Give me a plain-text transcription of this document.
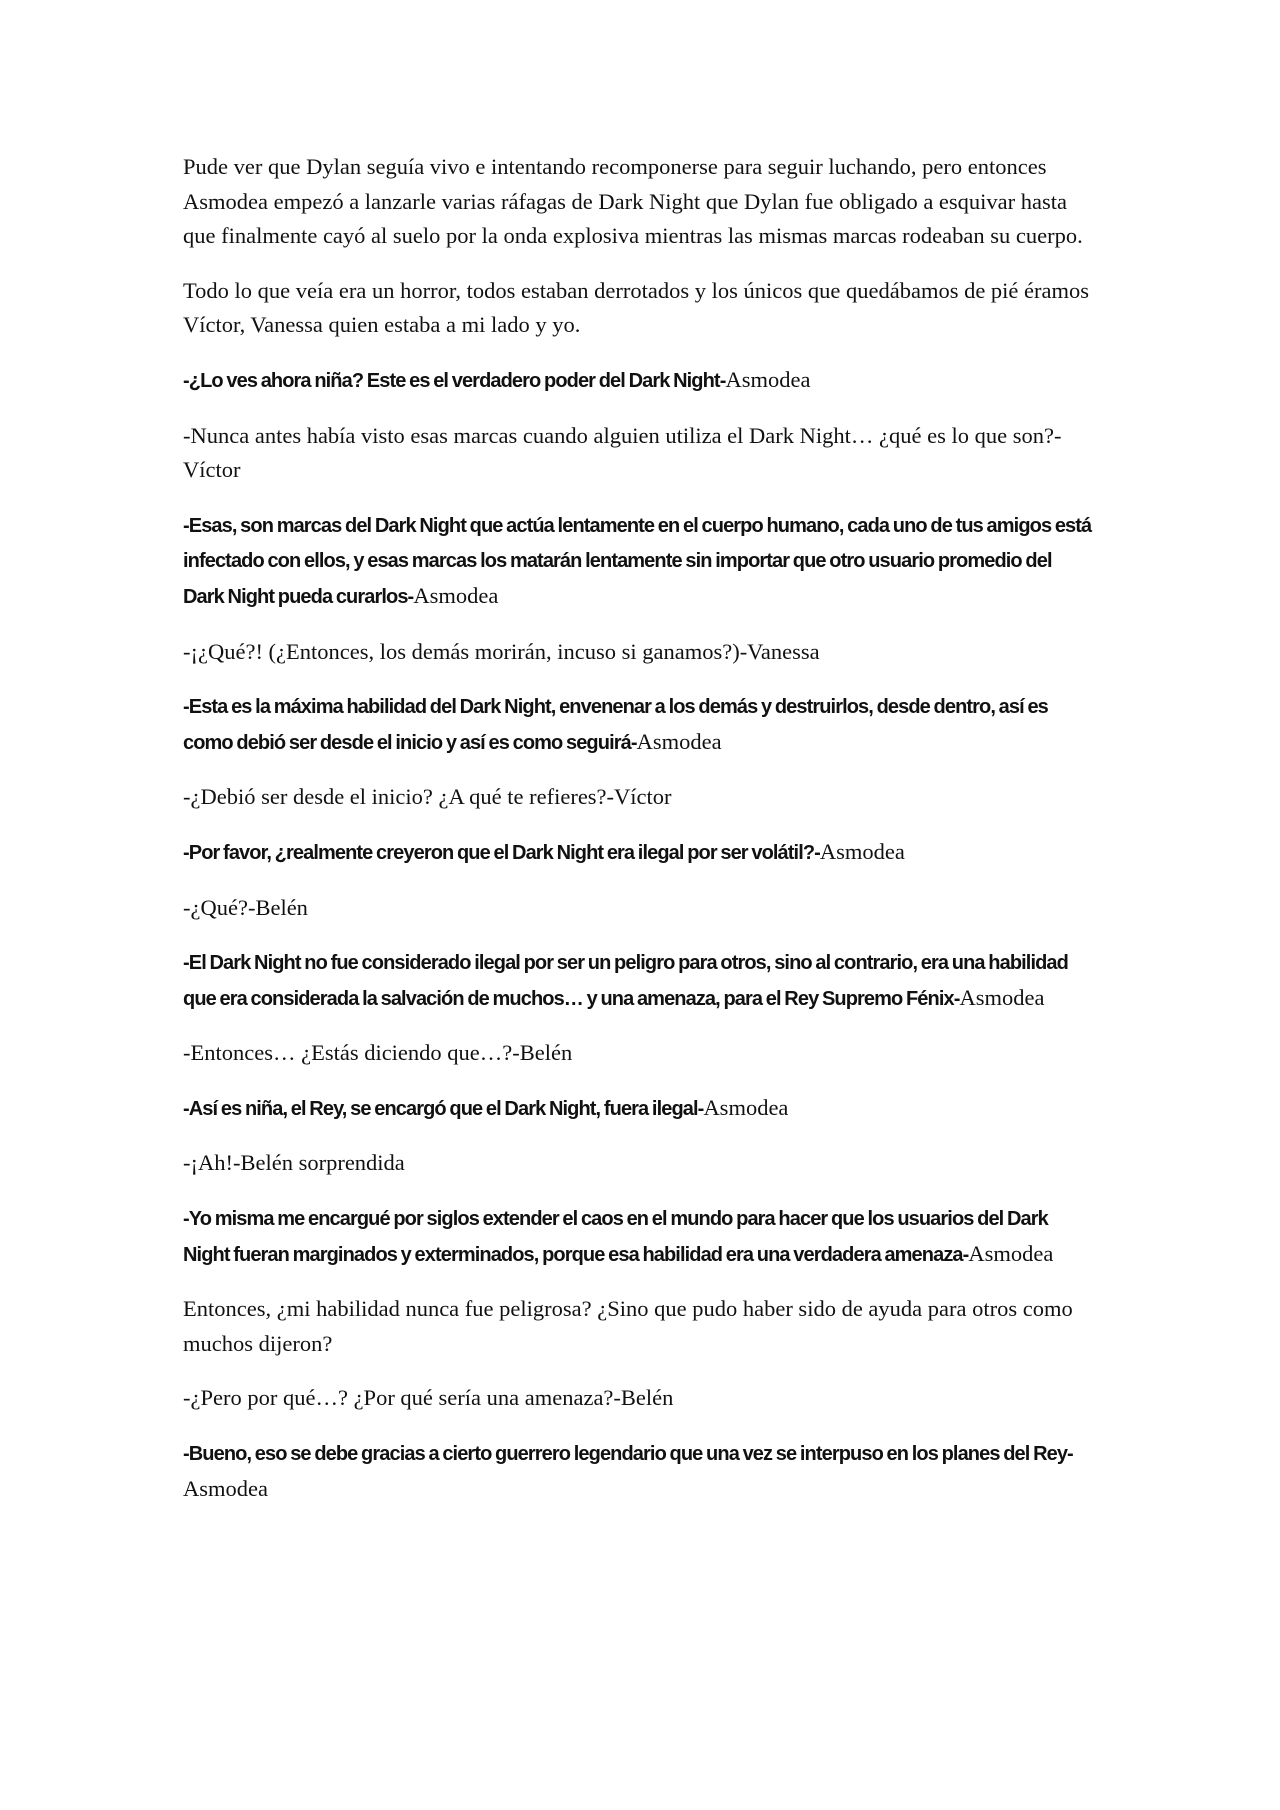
Pude ver que Dylan seguía vivo e intentando recomponerse para seguir luchando, pero entonces Asmodea empezó a lanzarle varias ráfagas de Dark Night que Dylan fue obligado a esquivar hasta que finalmente cayó al suelo por la onda explosiva mientras las mismas marcas rodeaban su cuerpo.

Todo lo que veía era un horror, todos estaban derrotados y los únicos que quedábamos de pié éramos Víctor, Vanessa quien estaba a mi lado y yo.

-¿Lo ves ahora niña? Este es el verdadero poder del Dark Night-Asmodea

-Nunca antes había visto esas marcas cuando alguien utiliza el Dark Night… ¿qué es lo que son?-Víctor

-Esas, son marcas del Dark Night que actúa lentamente en el cuerpo humano, cada uno de tus amigos está infectado con ellos, y esas marcas los matarán lentamente sin importar que otro usuario promedio del Dark Night pueda curarlos-Asmodea

-¡¿Qué?! (¿Entonces, los demás morirán, incuso si ganamos?)-Vanessa

-Esta es la máxima habilidad del Dark Night, envenenar a los demás y destruirlos, desde dentro, así es como debió ser desde el inicio y así es como seguirá-Asmodea

-¿Debió ser desde el inicio? ¿A qué te refieres?-Víctor

-Por favor, ¿realmente creyeron que el Dark Night era ilegal por ser volátil?-Asmodea

-¿Qué?-Belén

-El Dark Night no fue considerado ilegal por ser un peligro para otros, sino al contrario, era una habilidad que era considerada la salvación de muchos… y una amenaza, para el Rey Supremo Fénix-Asmodea

-Entonces… ¿Estás diciendo que…?-Belén

-Así es niña, el Rey, se encargó que el Dark Night, fuera ilegal-Asmodea

-¡Ah!-Belén sorprendida

-Yo misma me encargué por siglos extender el caos en el mundo para hacer que los usuarios del Dark Night fueran marginados y exterminados, porque esa habilidad era una verdadera amenaza-Asmodea

Entonces, ¿mi habilidad nunca fue peligrosa? ¿Sino que pudo haber sido de ayuda para otros como muchos dijeron?

-¿Pero por qué…? ¿Por qué sería una amenaza?-Belén

-Bueno, eso se debe gracias a cierto guerrero legendario que una vez se interpuso en los planes del Rey-Asmodea
